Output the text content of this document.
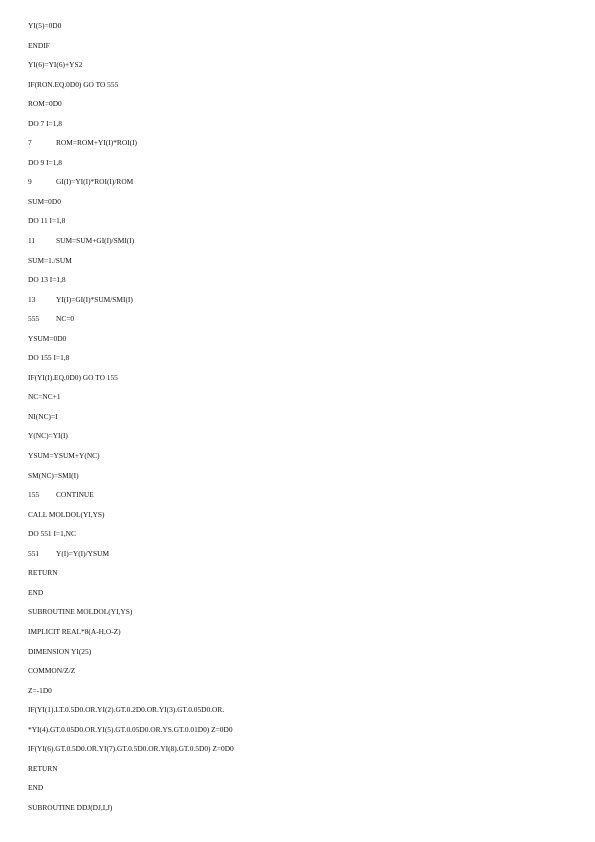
YI(5)=0D0
ENDIF
YI(6)=YI(6)+YS2
IF(RON.EQ.0D0) GO TO 555
ROM=0D0
DO 7 I=1,8
7	ROM=ROM+YI(I)*ROI(I)
DO 9 I=1,8
9	GI(I)=YI(I)*ROI(I)/ROM
SUM=0D0
DO 11 I=1,8
11	SUM=SUM+GI(I)/SMI(I)
SUM=1./SUM
DO 13 I=1,8
13	YI(I)=GI(I)*SUM/SMI(I)
555	NC=0
YSUM=0D0
DO 155 I=1,8
IF(YI(I).EQ.0D0) GO TO 155
NC=NC+1
NI(NC)=I
Y(NC)=YI(I)
YSUM=YSUM+Y(NC)
SM(NC)=SMI(I)
155	CONTINUE
CALL MOLDOL(YI,YS)
DO 551 I=1,NC
551	Y(I)=Y(I)/YSUM
RETURN
END
SUBROUTINE MOLDOL(YI,YS)
IMPLICIT REAL*8(A-H,O-Z)
DIMENSION YI(25)
COMMON/Z/Z
Z=-1D0
IF(YI(1).LT.0.5D0.OR.YI(2).GT.0.2D0.OR.YI(3).GT.0.05D0.OR.
*YI(4).GT.0.05D0.OR.YI(5).GT.0.05D0.OR.YS.GT.0.01D0) Z=0D0
IF(YI(6).GT.0.5D0.OR.YI(7).GT.0.5D0.OR.YI(8).GT.0.5D0) Z=0D0
RETURN
END
SUBROUTINE DDJ(DJ,I,J)
